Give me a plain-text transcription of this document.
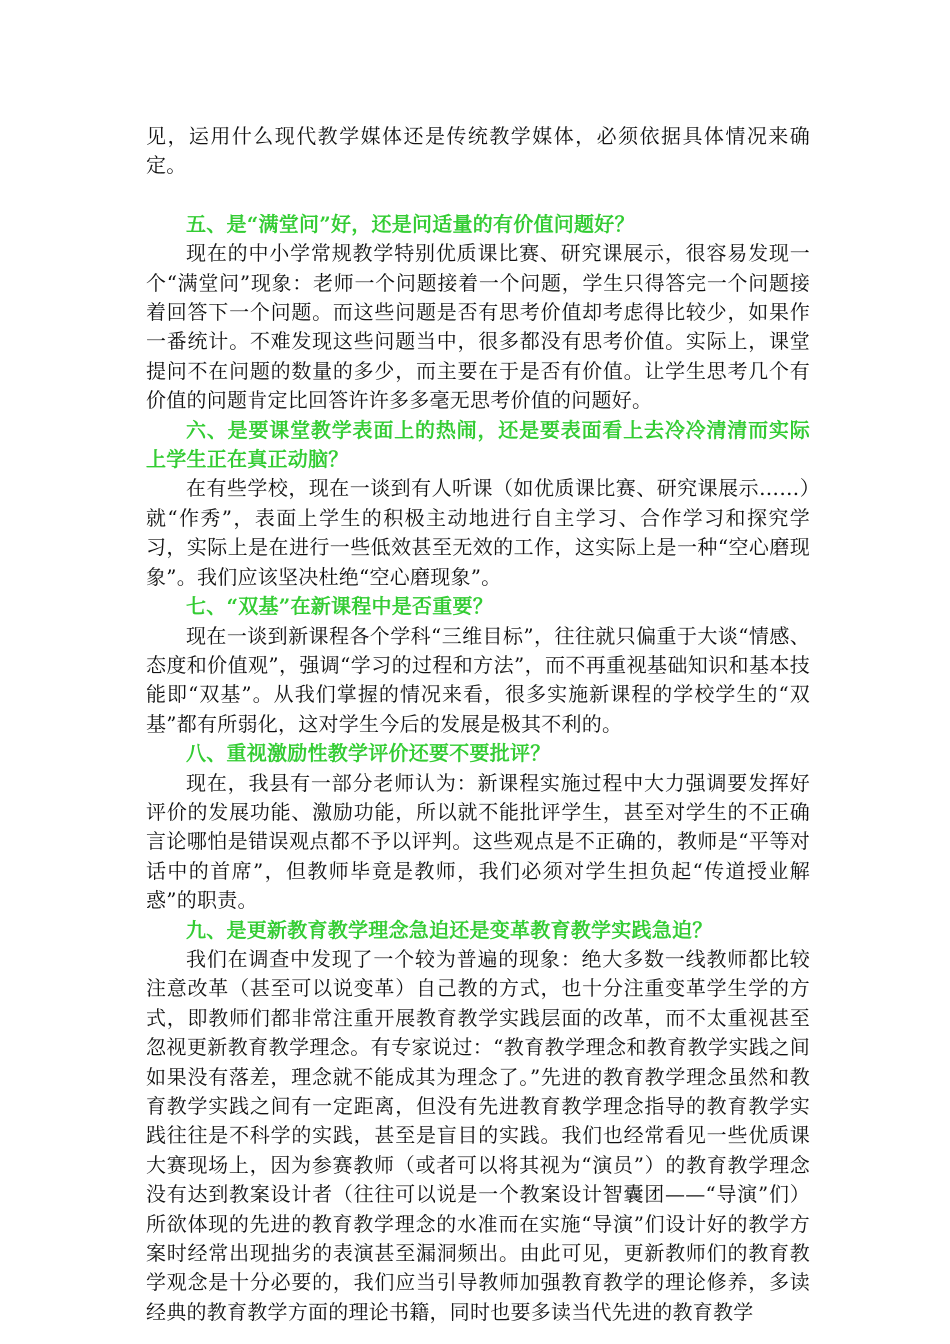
见，运用什么现代教学媒体还是传统教学媒体，必须依据具体情况来确定。

五、是“满堂问”好，还是问适量的有价值问题好？

现在的中小学常规教学特别优质课比赛、研究课展示，很容易发现一个“满堂问”现象：老师一个问题接着一个问题，学生只得答完一个问题接着回答下一个问题。而这些问题是否有思考价值却考虑得比较少，如果作一番统计。不难发现这些问题当中，很多都没有思考价值。实际上，课堂提问不在问题的数量的多少，而主要在于是否有价值。让学生思考几个有价值的问题肯定比回答许许多多毫无思考价值的问题好。

六、是要课堂教学表面上的热闹，还是要表面看上去冷冷清清而实际上学生正在真正动脑？

在有些学校，现在一谈到有人听课（如优质课比赛、研究课展示……）就“作秀”，表面上学生的积极主动地进行自主学习、合作学习和探究学习，实际上是在进行一些低效甚至无效的工作，这实际上是一种“空心磨现象”。我们应该坚决杜绝“空心磨现象”。

七、“双基”在新课程中是否重要？

现在一谈到新课程各个学科“三维目标”，往往就只偏重于大谈“情感、态度和价值观”，强调“学习的过程和方法”，而不再重视基础知识和基本技能即“双基”。从我们掌握的情况来看，很多实施新课程的学校学生的“双基”都有所弱化，这对学生今后的发展是极其不利的。

八、重视激励性教学评价还要不要批评？

现在，我县有一部分老师认为：新课程实施过程中大力强调要发挥好评价的发展功能、激励功能，所以就不能批评学生，甚至对学生的不正确言论哪怕是错误观点都不予以评判。这些观点是不正确的，教师是“平等对话中的首席”，但教师毕竟是教师，我们必须对学生担负起“传道授业解惑”的职责。

九、是更新教育教学理念急迫还是变革教育教学实践急迫？

我们在调查中发现了一个较为普遍的现象：绝大多数一线教师都比较注意改革（甚至可以说变革）自己教的方式，也十分注重变革学生学的方式，即教师们都非常注重开展教育教学实践层面的改革，而不太重视甚至忽视更新教育教学理念。有专家说过：“教育教学理念和教育教学实践之间如果没有落差，理念就不能成其为理念了。”先进的教育教学理念虽然和教育教学实践之间有一定距离，但没有先进教育教学理念指导的教育教学实践往往是不科学的实践，甚至是盲目的实践。我们也经常看见一些优质课大赛现场上，因为参赛教师（或者可以将其视为“演员”）的教育教学理念没有达到教案设计者（往往可以说是一个教案设计智囊团——“导演”们）所欲体现的先进的教育教学理念的水准而在实施“导演”们设计好的教学方案时经常出现拙劣的表演甚至漏洞频出。由此可见，更新教师们的教育教学观念是十分必要的，我们应当引导教师加强教育教学的理论修养，多读经典的教育教学方面的理论书籍，同时也要多读当代先进的教育教学
